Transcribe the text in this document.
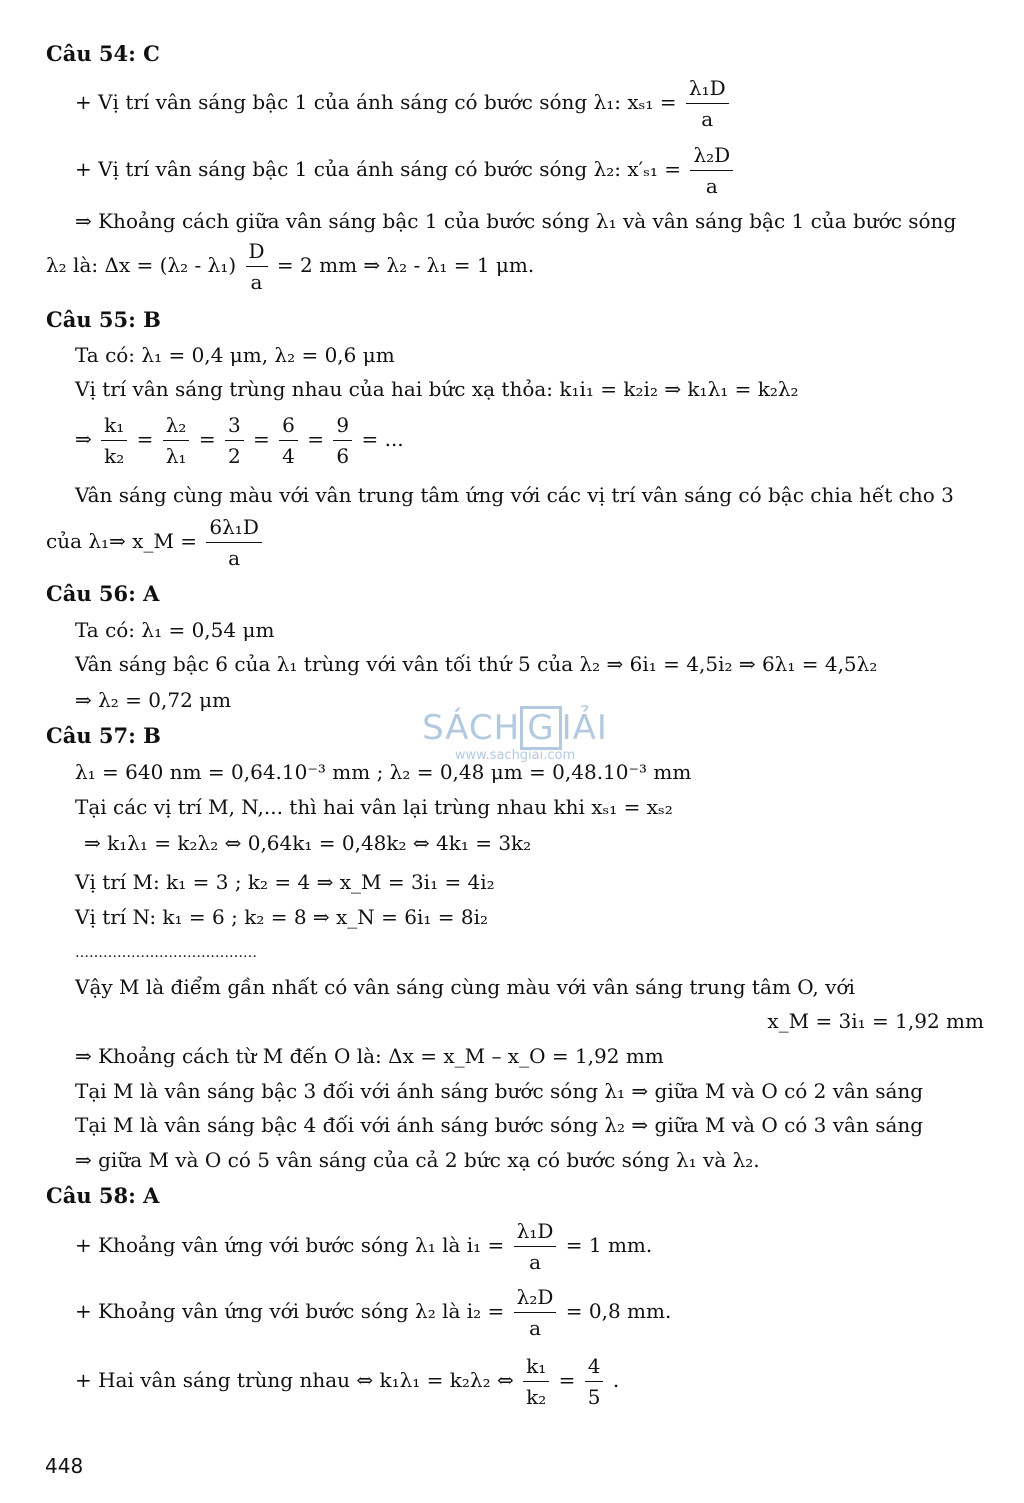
Câu 54: C
+ Vị trí vân sáng bậc 1 của ánh sáng có bước sóng λ₁: $x_{s1} = \frac{\text{λ₁D}}{a}$
+ Vị trí vân sáng bậc 1 của ánh sáng có bước sóng λ₂: $x'_{s1} = \frac{\text{λ₂D}}{a}$
⇒ Khoảng cách giữa vân sáng bậc 1 của bước sóng λ₁ và vân sáng bậc 1 của bước sóng
λ₂ là: $\Delta x = (\lambda_2 - \lambda_1) \frac{D}{a} = 2$ mm ⇒ λ₂ - λ₁ = 1 μm.
Câu 55: B
Ta có: λ₁ = 0,4 μm, λ₂ = 0,6 μm
Vị trí vân sáng trùng nhau của hai bức xạ thỏa: k₁i₁ = k₂i₂ ⇒ k₁λ₁ = k₂λ₂
⇒ $\frac{\text{k₁}}{\text{k₂}} = \frac{\text{λ₂}}{\text{λ₁}} = \frac{3}{2} = \frac{6}{4} = \frac{9}{6}$ = ...
Vân sáng cùng màu với vân trung tâm ứng với các vị trí vân sáng có bậc chia hết cho 3
của λ₁⇒ x_M = $\frac{\text{6λ₁D}}{a}$
Câu 56: A
Ta có: λ₁ = 0,54 μm
Vân sáng bậc 6 của λ₁ trùng với vân tối thứ 5 của λ₂ ⇒ 6i₁ = 4,5i₂ ⇒ 6λ₁ = 4,5λ₂
⇒ λ₂ = 0,72 μm
Câu 57: B
λ₁ = 640 nm = 0,64.10⁻³ mm ; λ₂ = 0,48 μm = 0,48.10⁻³ mm
Tại các vị trí M, N,... thì hai vân lại trùng nhau khi xₛ₁ = xₛ₂
⇒ k₁λ₁ = k₂λ₂ ⇔ 0,64k₁ = 0,48k₂ ⇔ 4k₁ = 3k₂
Vị trí M: k₁ = 3 ; k₂ = 4 ⇒ x_M = 3i₁ = 4i₂
Vị trí N: k₁ = 6 ; k₂ = 8 ⇒ x_N = 6i₁ = 8i₂
…………………………………
Vậy M là điểm gần nhất có vân sáng cùng màu với vân sáng trung tâm O, với
x_M = 3i₁ = 1,92 mm
⇒ Khoảng cách từ M đến O là: Δx = x_M – x_O = 1,92 mm
Tại M là vân sáng bậc 3 đối với ánh sáng bước sóng λ₁ ⇒ giữa M và O có 2 vân sáng
Tại M là vân sáng bậc 4 đối với ánh sáng bước sóng λ₂ ⇒ giữa M và O có 3 vân sáng
⇒ giữa M và O có 5 vân sáng của cả 2 bức xạ có bước sóng λ₁ và λ₂.
Câu 58: A
+ Khoảng vân ứng với bước sóng λ₁ là $i_1 = \frac{\text{λ₁D}}{a} = 1$ mm.
+ Khoảng vân ứng với bước sóng λ₂ là $i_2 = \frac{\text{λ₂D}}{a} = 0,8$ mm.
+ Hai vân sáng trùng nhau ⇔ k₁λ₁ = k₂λ₂ ⇔ $\frac{\text{k₁}}{\text{k₂}} = \frac{4}{5}$ .
SÁCH G IẢI
www.sachgiai.com
448
